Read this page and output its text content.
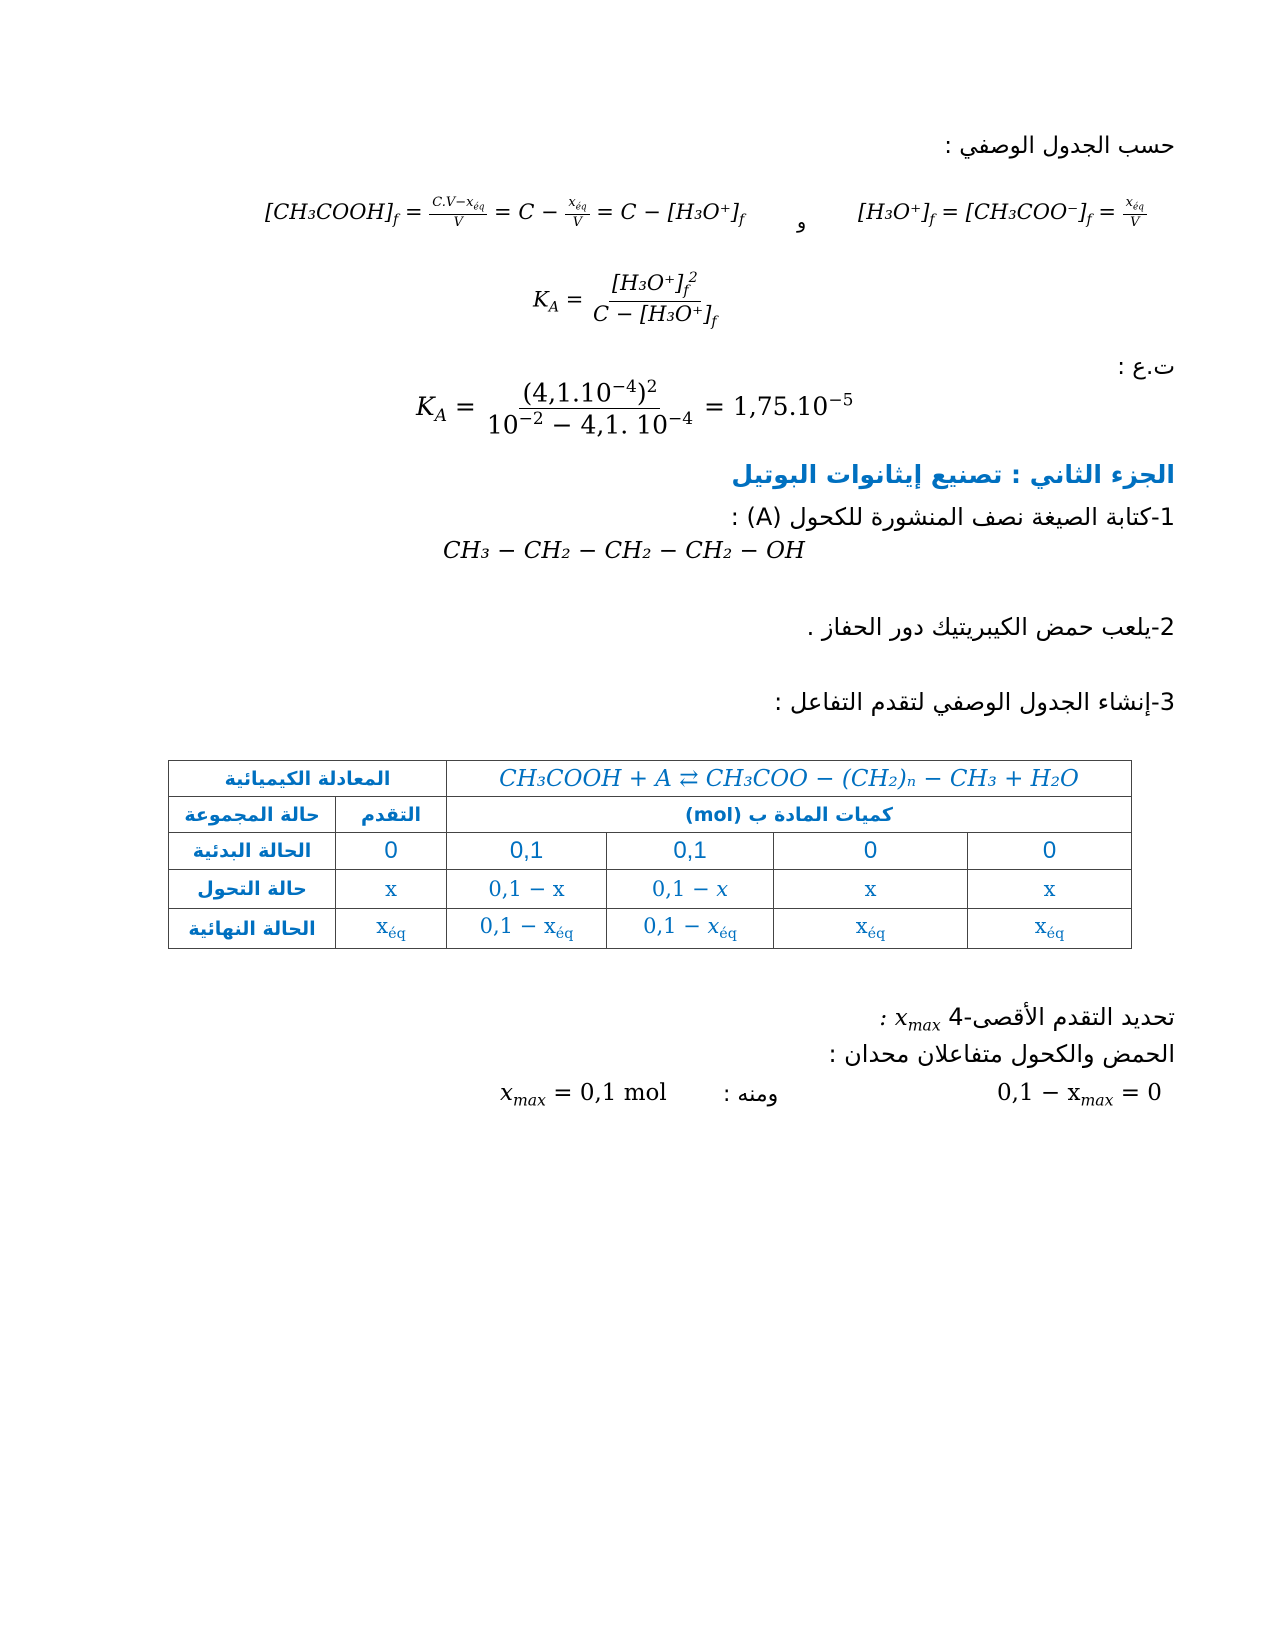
حسب الجدول الوصفي :
$[CH_3COOH]_f = \frac{C.V-x_{éq}}{V} = C - \frac{x_{éq}}{V} = C - [H_3O^+]_f$	و $[H_3O^+]_f = [CH_3COO^-]_f = \frac{x_{éq}}{V}$
$K_A = \frac{[H_3O^+]_f^2}{C - [H_3O^+]_f}$
ت.ع :
$K_A = \frac{(4,1.10^{-4})^2}{10^{-2} - 4,1. 10^{-4}} = 1,75.10^{-5}$
الجزء الثاني : تصنيع إيثانوات البوتيل
1-كتابة الصيغة نصف المنشورة للكحول (A) :
CH₃ − CH₂ − CH₂ − CH₂ − OH
2-يلعب حمض الكيبريتيك دور الحفاز .
3-إنشاء الجدول الوصفي لتقدم التفاعل :
المعادلة الكيميائية		CH₃COOH + A ⇄ CH₃COO − (CH₂)ₙ − CH₃ + H₂O			
حالة المجموعة	التقدم	كميات المادة ب (mol)			
الحالة البدئية	0	0,1	0,1	0	0
حالة التحول	x	0,1 − x	0,1 − 𝑥	x	x
الحالة النهائية	$x_{éq}$	$0,1 - x_{éq}$	0,1 − 𝑥$_{éq}$	$x_{éq}$	$x_{éq}$
: $x_{max}$ 4-تحديد التقدم الأقصى
الحمض والكحول متفاعلان محدان :
$x_{max} = 0,1$ mol	ومنه :	$0,1 - x_{max} = 0$
